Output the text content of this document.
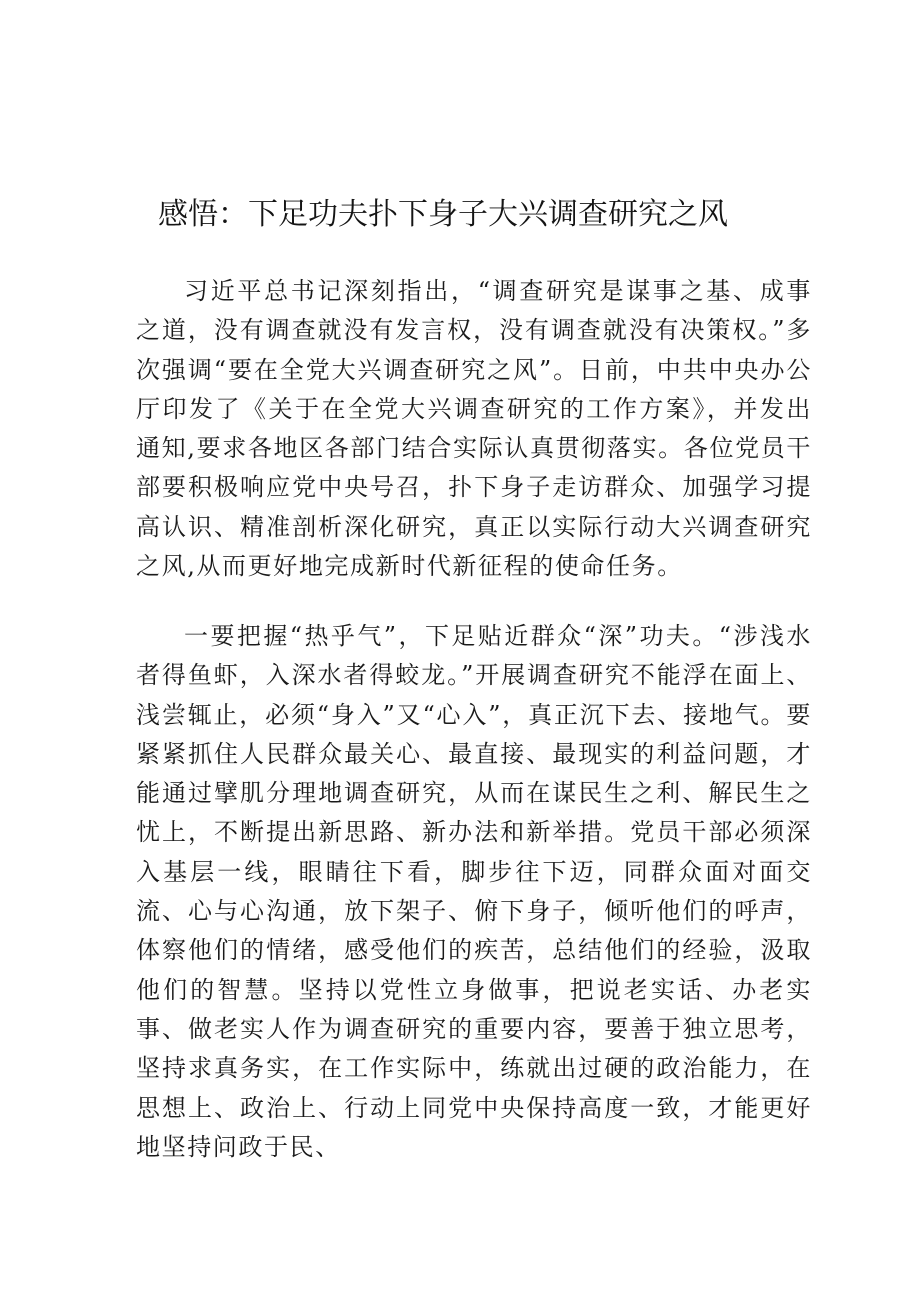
感悟：下足功夫扑下身子大兴调查研究之风

习近平总书记深刻指出，“调查研究是谋事之基、成事之道，没有调查就没有发言权，没有调查就没有决策权。”多次强调“要在全党大兴调查研究之风”。日前，中共中央办公厅印发了《关于在全党大兴调查研究的工作方案》，并发出通知,要求各地区各部门结合实际认真贯彻落实。各位党员干部要积极响应党中央号召，扑下身子走访群众、加强学习提高认识、精准剖析深化研究，真正以实际行动大兴调查研究之风,从而更好地完成新时代新征程的使命任务。

一要把握“热乎气”，下足贴近群众“深”功夫。“涉浅水者得鱼虾，入深水者得蛟龙。”开展调查研究不能浮在面上、浅尝辄止，必须“身入”又“心入”，真正沉下去、接地气。要紧紧抓住人民群众最关心、最直接、最现实的利益问题，才能通过擘肌分理地调查研究，从而在谋民生之利、解民生之忧上，不断提出新思路、新办法和新举措。党员干部必须深入基层一线，眼睛往下看，脚步往下迈，同群众面对面交流、心与心沟通，放下架子、俯下身子，倾听他们的呼声，体察他们的情绪，感受他们的疾苦，总结他们的经验，汲取他们的智慧。坚持以党性立身做事，把说老实话、办老实事、做老实人作为调查研究的重要内容，要善于独立思考，坚持求真务实，在工作实际中，练就出过硬的政治能力，在思想上、政治上、行动上同党中央保持高度一致，才能更好地坚持问政于民、
